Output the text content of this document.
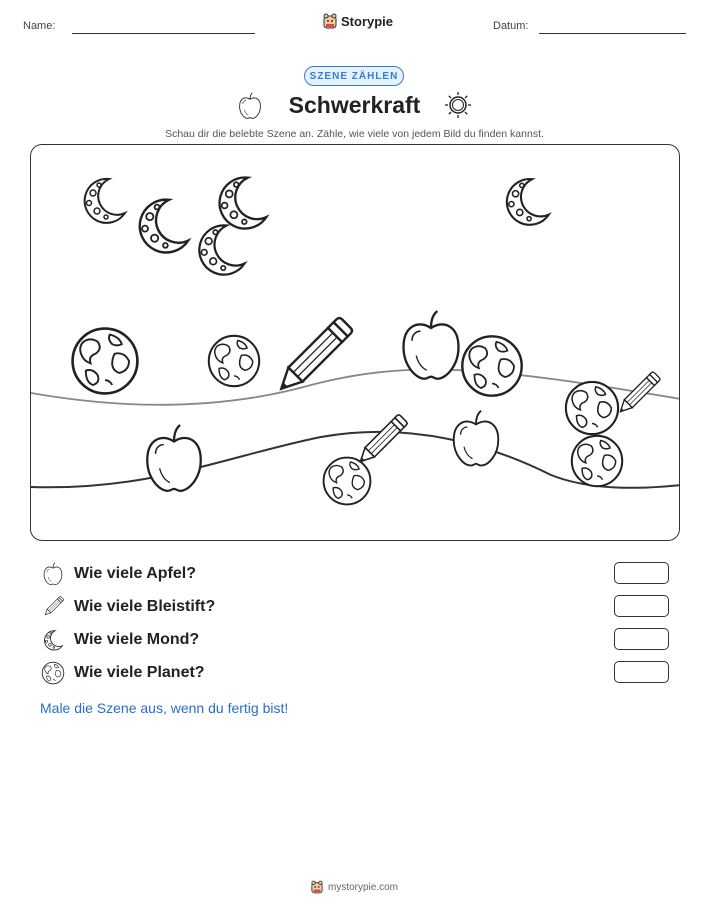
Name:	Storypie	Datum:
SZENE ZÄHLEN
Schwerkraft
Schau dir die belebte Szene an. Zähle, wie viele von jedem Bild du finden kannst.
Wie viele Apfel?
Wie viele Bleistift?
Wie viele Mond?
Wie viele Planet?
Male die Szene aus, wenn du fertig bist!
mystorypie.com
